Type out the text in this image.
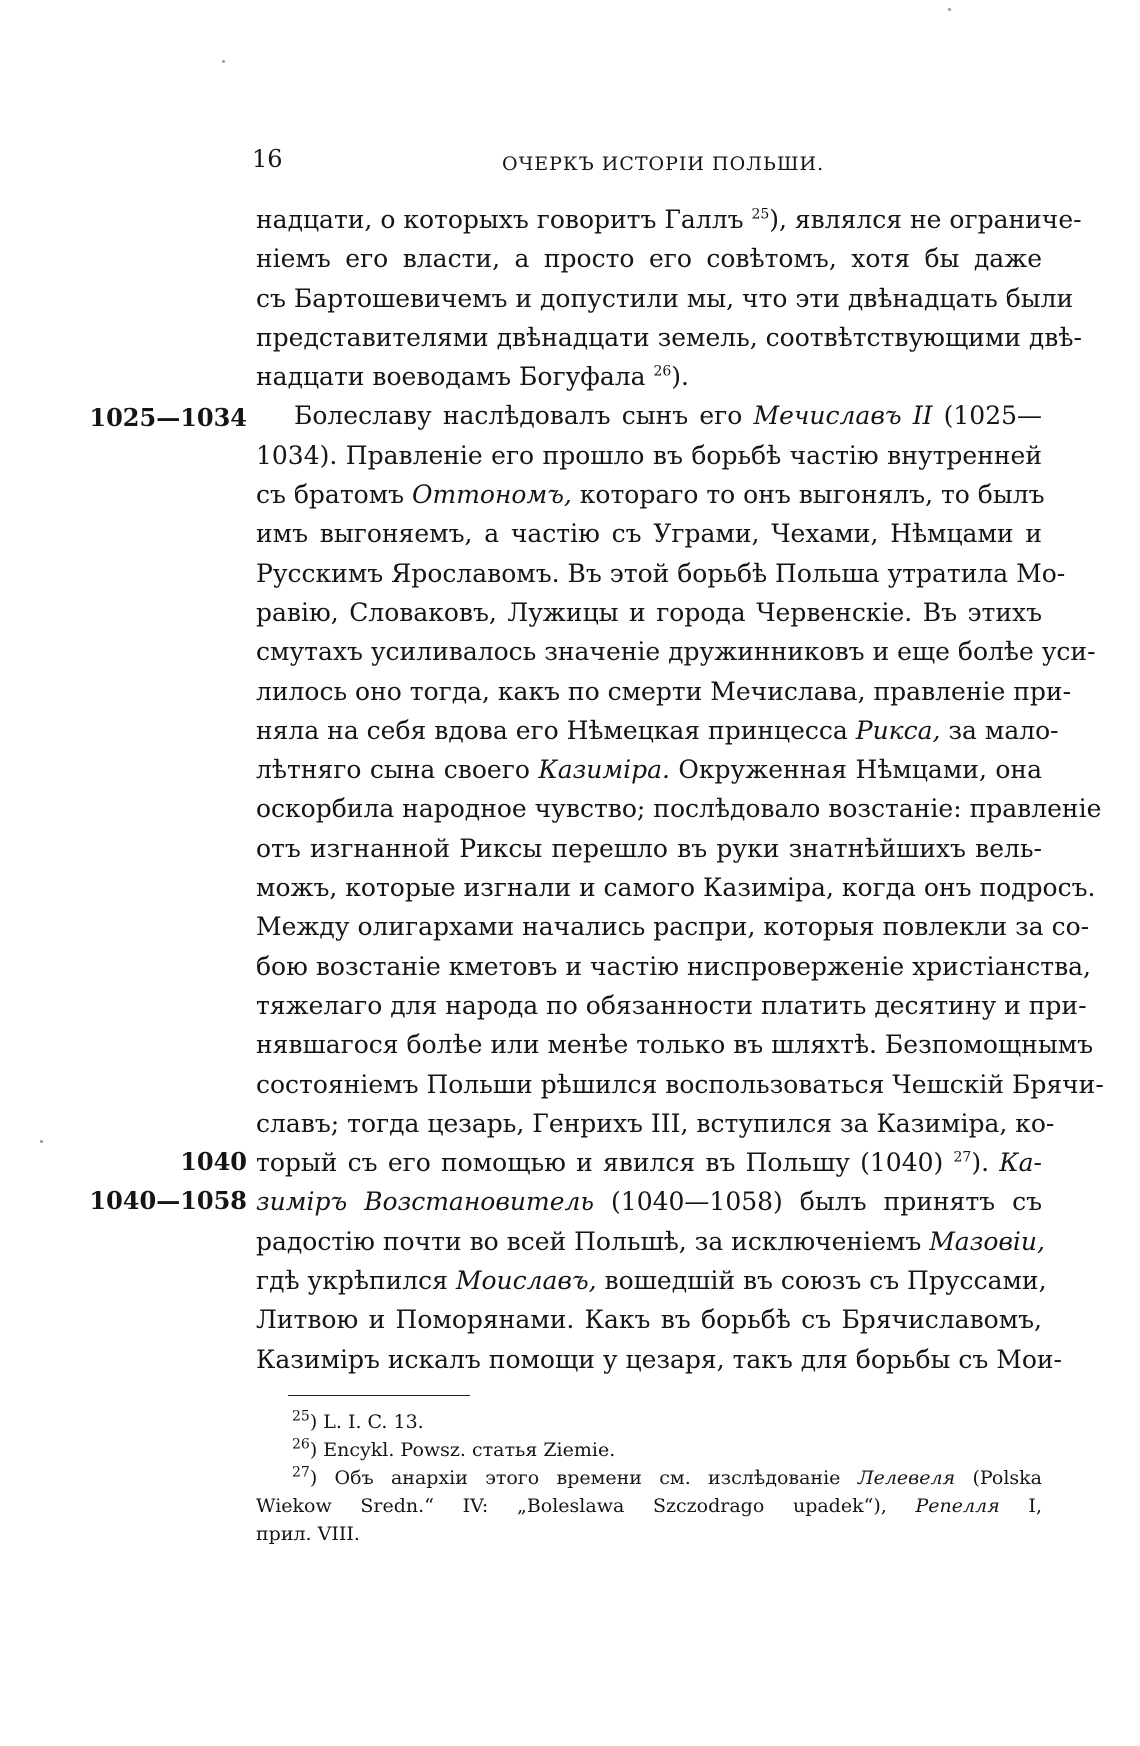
16	ОЧЕРКЪ ИСТОРІИ ПОЛЬШИ.
1025—1034
1040
1040—1058
надцати, о которыхъ говоритъ Галлъ $^{25}$), являлся не ограниче-
ніемъ его власти, а просто его совѣтомъ, хотя бы даже
съ Бартошевичемъ и допустили мы, что эти двѣнадцать были
представителями двѣнадцати земель, соотвѣтствующими двѣ-
надцати воеводамъ Богуфала $^{26}$).
Болеславу наслѣдовалъ сынъ его Мечиславъ II (1025—
1034). Правленіе его прошло въ борьбѣ частію внутренней
съ братомъ Оттономъ, котораго то онъ выгонялъ, то былъ
имъ выгоняемъ, а частію съ Уграми, Чехами, Нѣмцами и
Русскимъ Ярославомъ. Въ этой борьбѣ Польша утратила Мо-
равію, Словаковъ, Лужицы и города Червенскіе. Въ этихъ
смутахъ усиливалось значеніе дружинниковъ и еще болѣе уси-
лилось оно тогда, какъ по смерти Мечислава, правленіе при-
няла на себя вдова его Нѣмецкая принцесса Рикса, за мало-
лѣтняго сына своего Казиміра. Окруженная Нѣмцами, она
оскорбила народное чувство; послѣдовало возстаніе: правленіе
отъ изгнанной Риксы перешло въ руки знатнѣйшихъ вель-
можъ, которые изгнали и самого Казиміра, когда онъ подросъ.
Между олигархами начались распри, которыя повлекли за со-
бою возстаніе кметовъ и частію ниспроверженіе христіанства,
тяжелаго для народа по обязанности платить десятину и при-
нявшагося болѣе или менѣе только въ шляхтѣ. Безпомощнымъ
состояніемъ Польши рѣшился воспользоваться Чешскій Брячи-
славъ; тогда цезарь, Генрихъ III, вступился за Казиміра, ко-
торый съ его помощью и явился въ Польшу (1040) $^{27}$). Ка-
зиміръ Возстановитель (1040—1058) былъ принятъ съ
радостію почти во всей Польшѣ, за исключеніемъ Мазовіи,
гдѣ укрѣпился Моиславъ, вошедшій въ союзъ съ Пруссами,
Литвою и Поморянами. Какъ въ борьбѣ съ Брячиславомъ,
Казиміръ искалъ помощи у цезаря, такъ для борьбы съ Мои-
$^{25}$) L. I. C. 13.
$^{26}$) Encykl. Powsz. статья Ziemie.
$^{27}$) Объ анархіи этого времени см. изслѣдованіе Лелевеля (Polska
Wiekow Sredn.“ IV: „Boleslawa Szczodrago upadek“), Репелля I,
прил. VIII.
